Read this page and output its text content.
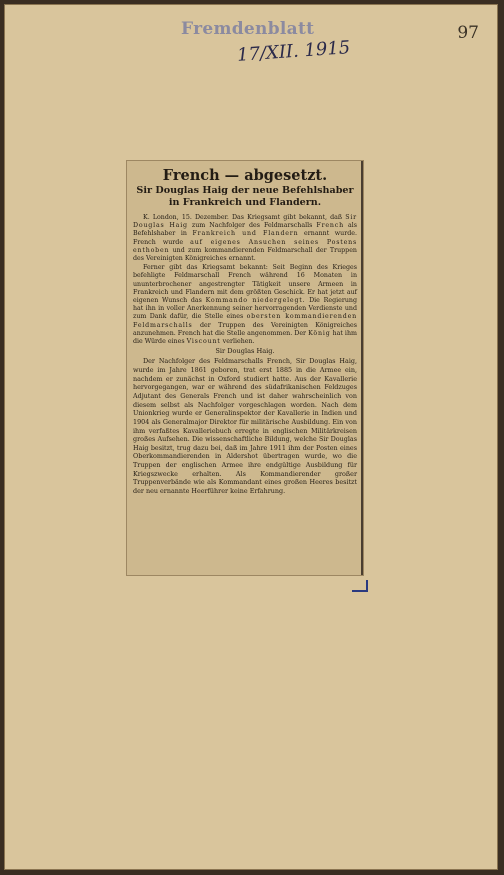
Fremdenblatt
17/XII. 1915
97
French — abgesetzt.
Sir Douglas Haig der neue Befehlshaber in Frankreich und Flandern.
K. London, 15. Dezember. Das Kriegsamt gibt bekannt, daß Sir Douglas Haig zum Nachfolger des Feldmarschalls French als Befehlshaber in Frankreich und Flandern ernannt wurde. French wurde auf eigenes Ansuchen seines Postens enthoben und zum kommandierenden Feldmarschall der Truppen des Vereinigten Königreiches ernannt.
Ferner gibt das Kriegsamt bekannt: Seit Beginn des Krieges befehligte Feldmarschall French während 16 Monaten in ununterbrochener angestrengter Tätigkeit unsere Armeen in Frankreich und Flandern mit dem größten Geschick. Er hat jetzt auf eigenen Wunsch das Kommando niedergelegt. Die Regierung hat ihn in voller Anerkennung seiner hervorragenden Verdienste und zum Dank dafür, die Stelle eines obersten kommandierenden Feldmarschalls der Truppen des Vereinigten Königreiches anzunehmen. French hat die Stelle angenommen. Der König hat ihm die Würde eines Viscount verliehen.
Sir Douglas Haig.
Der Nachfolger des Feldmarschalls French, Sir Douglas Haig, wurde im Jahre 1861 geboren, trat erst 1885 in die Armee ein, nachdem er zunächst in Oxford studiert hatte. Aus der Kavallerie hervorgegangen, war er während des südafrikanischen Feldzuges Adjutant des Generals French und ist daher wahrscheinlich von diesem selbst als Nachfolger vorgeschlagen worden. Nach dem Unionkrieg wurde er Generalinspektor der Kavallerie in Indien und 1904 als Generalmajor Direktor für militärische Ausbildung. Ein von ihm verfaßtes Kavalleriebuch erregte in englischen Militärkreisen großes Aufsehen. Die wissenschaftliche Bildung, welche Sir Douglas Haig besitzt, trug dazu bei, daß im Jahre 1911 ihm der Posten eines Oberkommandierenden in Aldershot übertragen wurde, wo die Truppen der englischen Armee ihre endgültige Ausbildung für Kriegszwecke erhalten. Als Kommandierender großer Truppenverbände wie als Kommandant eines großen Heeres besitzt der neu ernannte Heerführer keine Erfahrung.
